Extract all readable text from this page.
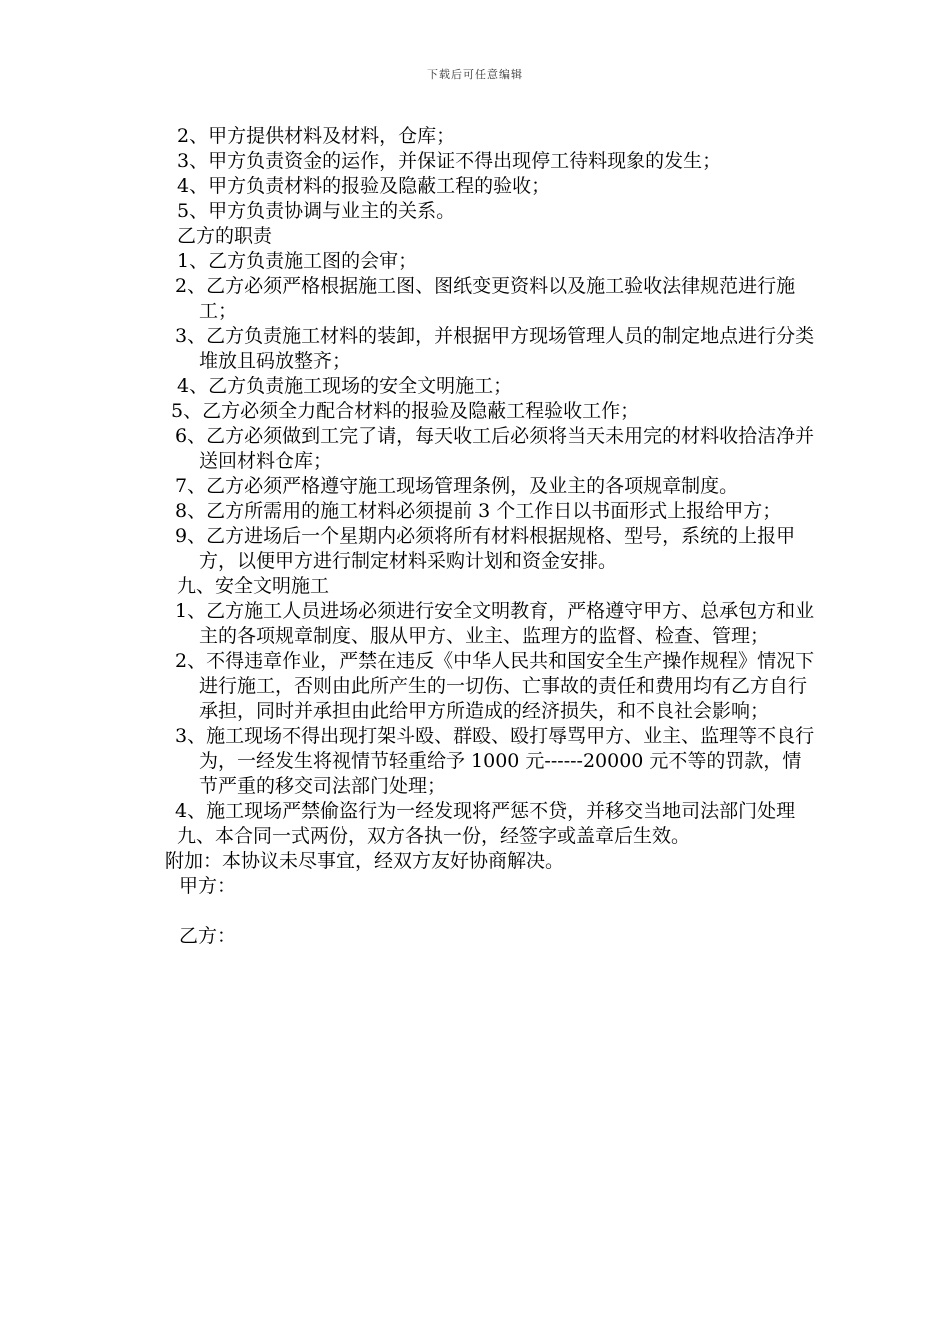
下载后可任意编辑
2、甲方提供材料及材料，仓库；
3、甲方负责资金的运作，并保证不得出现停工待料现象的发生；
4、甲方负责材料的报验及隐蔽工程的验收；
5、甲方负责协调与业主的关系。
乙方的职责
1、乙方负责施工图的会审；
2、乙方必须严格根据施工图、图纸变更资料以及施工验收法律规范进行施工；
3、乙方负责施工材料的装卸，并根据甲方现场管理人员的制定地点进行分类堆放且码放整齐；
4、乙方负责施工现场的安全文明施工；
5、乙方必须全力配合材料的报验及隐蔽工程验收工作；
6、乙方必须做到工完了请，每天收工后必须将当天未用完的材料收拾洁净并送回材料仓库；
7、乙方必须严格遵守施工现场管理条例，及业主的各项规章制度。
8、乙方所需用的施工材料必须提前 3 个工作日以书面形式上报给甲方；
9、乙方进场后一个星期内必须将所有材料根据规格、型号，系统的上报甲方，以便甲方进行制定材料采购计划和资金安排。
九、安全文明施工
1、乙方施工人员进场必须进行安全文明教育，严格遵守甲方、总承包方和业主的各项规章制度、服从甲方、业主、监理方的监督、检查、管理；
2、不得违章作业，严禁在违反《中华人民共和国安全生产操作规程》情况下进行施工，否则由此所产生的一切伤、亡事故的责任和费用均有乙方自行承担，同时并承担由此给甲方所造成的经济损失，和不良社会影响；
3、施工现场不得出现打架斗殴、群殴、殴打辱骂甲方、业主、监理等不良行为，一经发生将视情节轻重给予 1000 元------20000 元不等的罚款，情节严重的移交司法部门处理；
4、施工现场严禁偷盗行为一经发现将严惩不贷，并移交当地司法部门处理
九、本合同一式两份，双方各执一份，经签字或盖章后生效。
附加：本协议未尽事宜，经双方友好协商解决。
甲方：
乙方：
